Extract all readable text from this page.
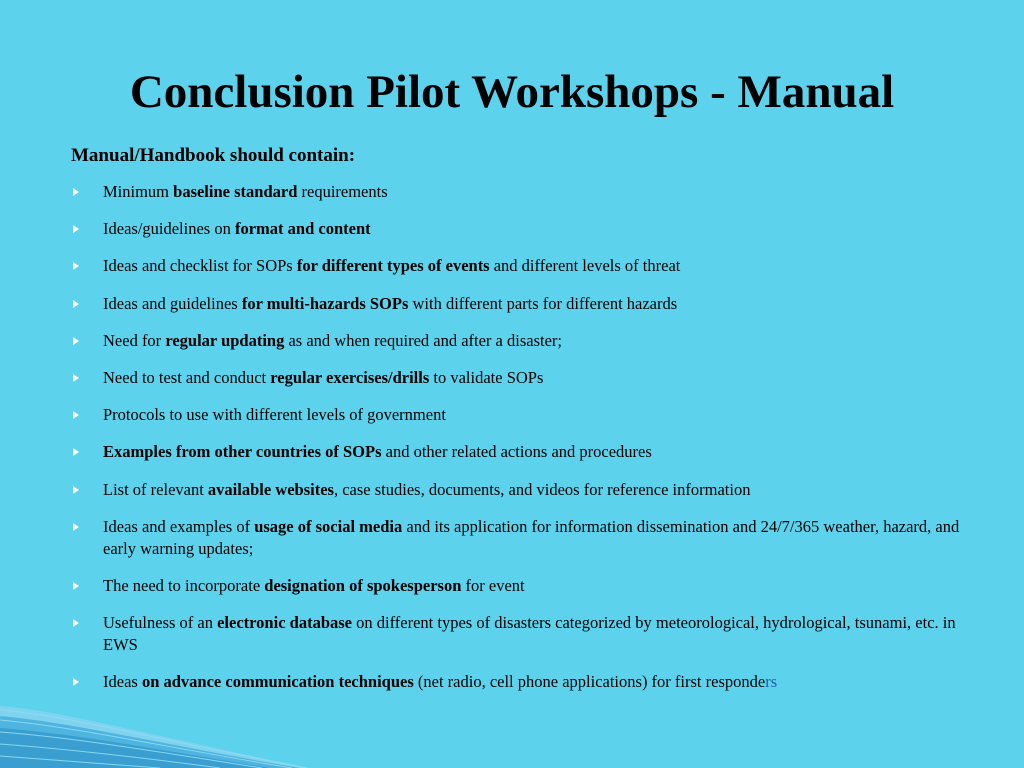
Conclusion Pilot Workshops - Manual
Manual/Handbook should contain:
Minimum baseline standard requirements
Ideas/guidelines on format and content
Ideas and checklist for SOPs for different types of events and different levels of threat
Ideas and guidelines for multi-hazards SOPs with different parts for different hazards
Need for regular updating as and when required and after a disaster;
Need to test and conduct regular exercises/drills to validate SOPs
Protocols to use with different levels of government
Examples from other countries of SOPs and other related actions and procedures
List of relevant available websites, case studies, documents, and videos for reference information
Ideas and examples of usage of social media and its application for information dissemination and 24/7/365 weather, hazard, and early warning updates;
The need to incorporate designation of spokesperson for event
Usefulness of an electronic database on different types of disasters categorized by meteorological, hydrological, tsunami, etc. in EWS
Ideas on advance communication techniques (net radio, cell phone applications) for first responders
